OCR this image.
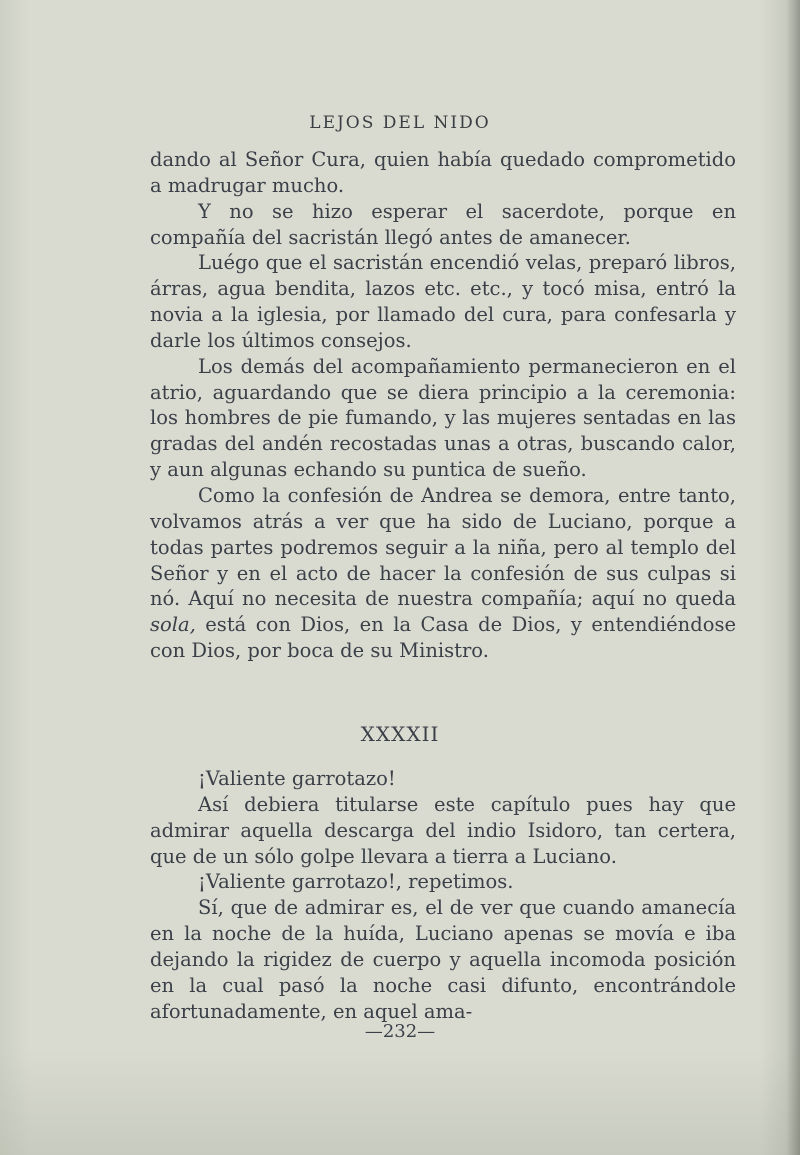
LEJOS DEL NIDO

dando al Señor Cura, quien había quedado comprometido a madrugar mucho.

Y no se hizo esperar el sacerdote, porque en compañía del sacristán llegó antes de amanecer.

Luégo que el sacristán encendió velas, preparó libros, árras, agua bendita, lazos etc. etc., y tocó misa, entró la novia a la iglesia, por llamado del cura, para confesarla y darle los últimos consejos.

Los demás del acompañamiento permanecieron en el atrio, aguardando que se diera principio a la ceremonia: los hombres de pie fumando, y las mujeres sentadas en las gradas del andén recostadas unas a otras, buscando calor, y aun algunas echando su puntica de sueño.

Como la confesión de Andrea se demora, entre tanto, volvamos atrás a ver que ha sido de Luciano, porque a todas partes podremos seguir a la niña, pero al templo del Señor y en el acto de hacer la confesión de sus culpas si nó. Aquí no necesita de nuestra compañía; aquí no queda sola, está con Dios, en la Casa de Dios, y entendiéndose con Dios, por boca de su Ministro.

XXXXII

¡Valiente garrotazo!

Así debiera titularse este capítulo pues hay que admirar aquella descarga del indio Isidoro, tan certera, que de un sólo golpe llevara a tierra a Luciano.

¡Valiente garrotazo!, repetimos.

Sí, que de admirar es, el de ver que cuando amanecía en la noche de la huída, Luciano apenas se movía e iba dejando la rigidez de cuerpo y aquella incomoda posición en la cual pasó la noche casi difunto, encontrándole afortunadamente, en aquel ama-

—232—
